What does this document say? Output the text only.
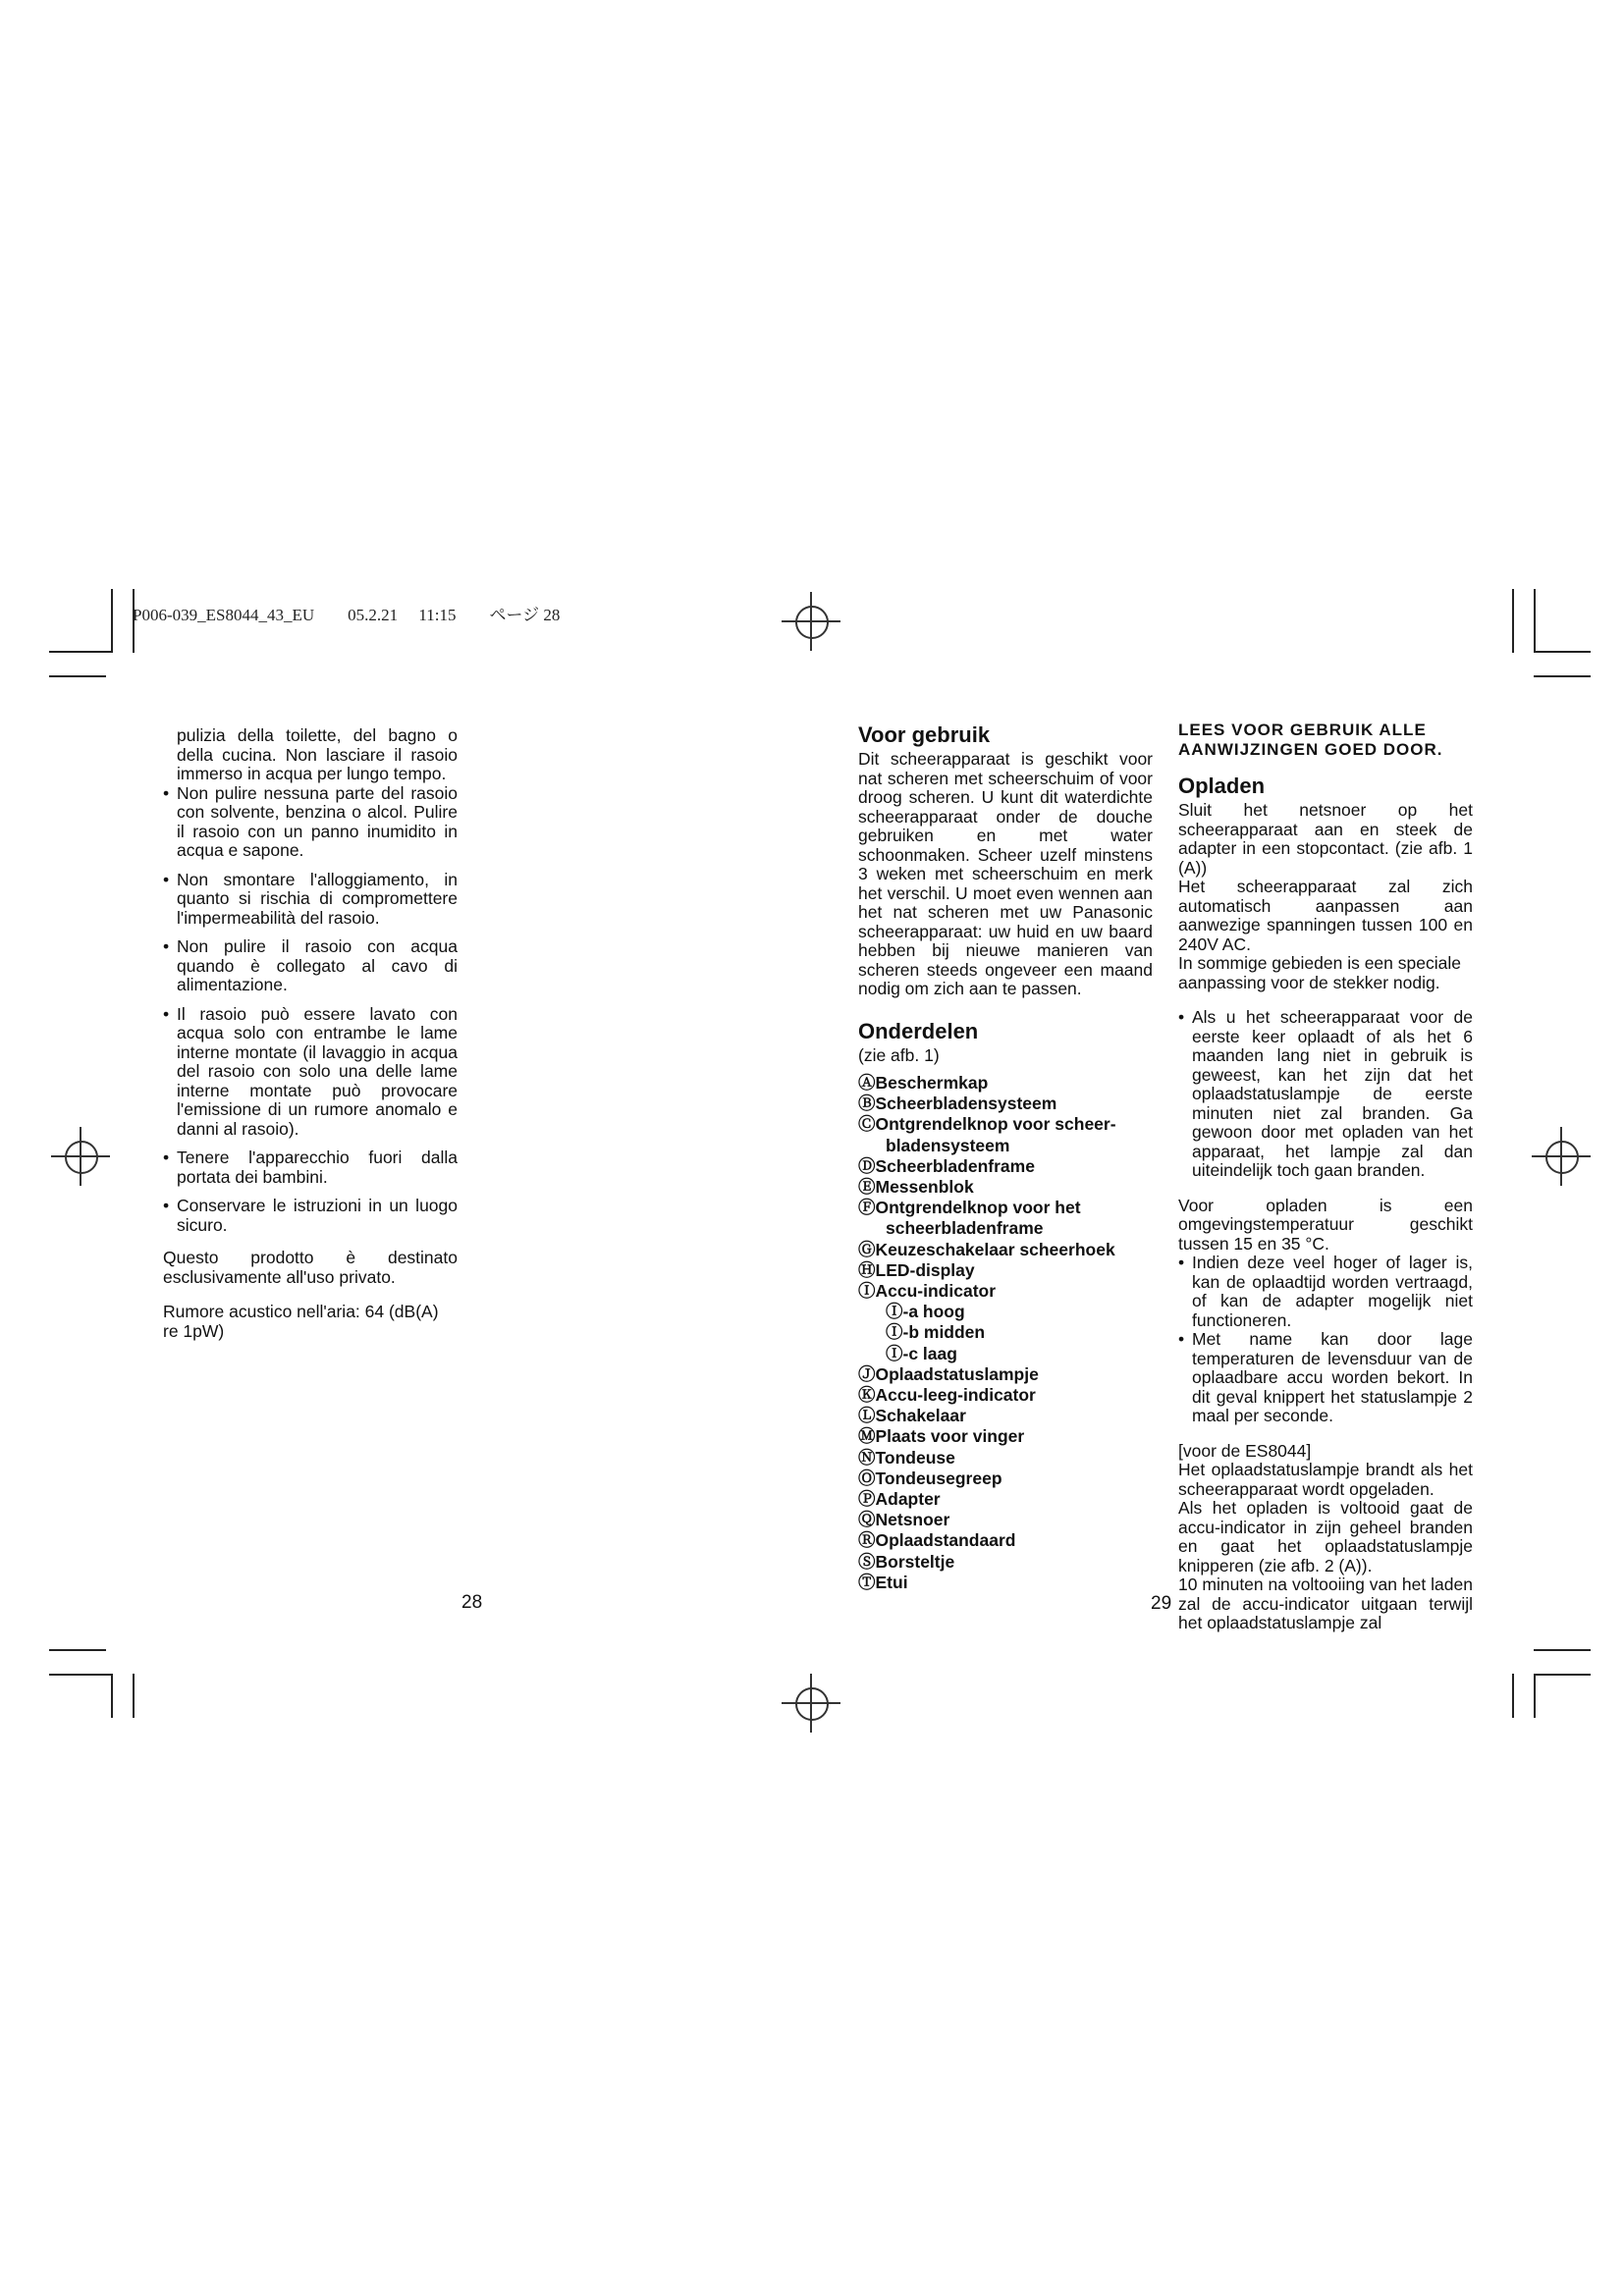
P006-039_ES8044_43_EU  05.2.21  11:15  ページ 28

pulizia della toilette, del bagno o della cucina. Non lasciare il rasoio immerso in acqua per lungo tempo.

• Non pulire nessuna parte del rasoio con solvente, benzina o alcol. Pulire il rasoio con un panno inumidito in acqua e sapone.

• Non smontare l'alloggiamento, in quanto si rischia di compromettere l'impermeabilità del rasoio.

• Non pulire il rasoio con acqua quando è collegato al cavo di alimentazione.

• Il rasoio può essere lavato con acqua solo con entrambe le lame interne montate (il lavaggio in acqua del rasoio con solo una delle lame interne montate può provocare l'emissione di un rumore anomalo e danni al rasoio).

• Tenere l'apparecchio fuori dalla portata dei bambini.

• Conservare le istruzioni in un luogo sicuro.

Questo prodotto è destinato esclusivamente all'uso privato.

Rumore acustico nell'aria: 64 (dB(A) re 1pW)

28
Voor gebruik

Dit scheerapparaat is geschikt voor nat scheren met scheerschuim of voor droog scheren. U kunt dit waterdichte scheerapparaat onder de douche gebruiken en met water schoonmaken. Scheer uzelf minstens 3 weken met scheerschuim en merk het verschil. U moet even wennen aan het nat scheren met uw Panasonic scheerapparaat: uw huid en uw baard hebben bij nieuwe manieren van scheren steeds ongeveer een maand nodig om zich aan te passen.

Onderdelen
(zie afb. 1)
ⒶBeschermkap
ⒷScheerbladensysteem
ⒸOntgrendelknop voor scheer-
bladensysteem
ⒹScheerbladenframe
ⒺMessenblok
ⒻOntgrendelknop voor het
scheerbladenframe
ⒼKeuzeschakelaar scheerhoek
ⒽLED-display
ⒾAccu-indicator
Ⓘ-a hoog
Ⓘ-b midden
Ⓘ-c laag
ⒿOplaadstatuslampje
ⓀAccu-leeg-indicator
ⓁSchakelaar
ⓂPlaats voor vinger
ⓃTondeuse
ⓄTondeusegreep
ⓅAdapter
ⓆNetsnoer
ⓇOplaadstandaard
ⓈBorsteltje
ⓉEtui
LEES VOOR GEBRUIK ALLE AANWIJZINGEN GOED DOOR.
Opladen

Sluit het netsnoer op het scheerapparaat aan en steek de adapter in een stopcontact. (zie afb. 1 (A))

Het scheerapparaat zal zich automatisch aanpassen aan aanwezige spanningen tussen 100 en 240V AC.

In sommige gebieden is een speciale aanpassing voor de stekker nodig.

• Als u het scheerapparaat voor de eerste keer oplaadt of als het 6 maanden lang niet in gebruik is geweest, kan het zijn dat het oplaadstatuslampje de eerste minuten niet zal branden. Ga gewoon door met opladen van het apparaat, het lampje zal dan uiteindelijk toch gaan branden.

Voor opladen is een omgevingstemperatuur geschikt tussen 15 en 35 °C.

• Indien deze veel hoger of lager is, kan de oplaadtijd worden vertraagd, of kan de adapter mogelijk niet functioneren.

• Met name kan door lage temperaturen de levensduur van de oplaadbare accu worden bekort. In dit geval knippert het statuslampje 2 maal per seconde.

[voor de ES8044]

Het oplaadstatuslampje brandt als het scheerapparaat wordt opgeladen.

Als het opladen is voltooid gaat de accu-indicator in zijn geheel branden en gaat het oplaadstatuslampje knipperen (zie afb. 2 (A)).

10 minuten na voltooiing van het laden zal de accu-indicator uitgaan terwijl het oplaadstatuslampje zal

29
